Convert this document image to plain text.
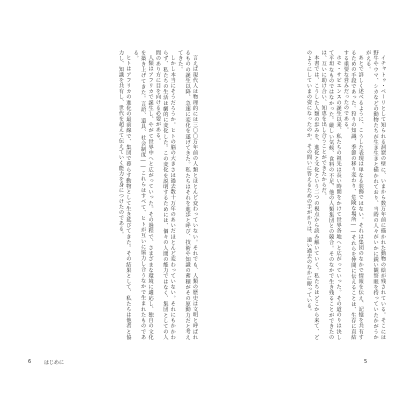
言えば現代人は物理的には三〇〇万年前の人類とほとんど変わっていない。それでも、人類の歴史は文明と呼ばれるものの誕生以降、急速に変化を遂げてきた。私たちはそれを進歩と呼び、技術や知識の蓄積がその原動力だと考えてきた。

しかし本当にそうだろうか。ヒトの脳の大きさは過去数十万年のあいだほとんど変わっていない。それにもかかわらず、私たちの生活は劇的に変化した。この変化を説明するためには、個々の人間の能力ではなく、集団としての人間のあり方に目を向ける必要がある。

人類はアフリカで誕生し、やがて世界中へと広がっていった。その過程で、さまざまな環境に適応し、独自の文化を築き上げてきた。言語、道具、社会制度――これらはすべて、ヒトが互いに協力し合うなかで生まれたものである。

ヒトはアフリカの進化の最前線で、集団で暮らす動物として生き延びてきた。その結果として、私たちは他者と協力し、知識を共有し、世代を超えて伝えていく能力を身につけたのである。	イチャトゥ・ペーリとして知られる洞窟の壁に、いまから数万年前に描かれた動物の絵が残されている。そこには野牛やウマ、シカなどの動物たちが生き生きと描かれており、当時の人々がいかに鋭い観察眼を持っていたかがうかがえる。

あとで詳しく述べるように、こうした表現は単なる装飾ではない。それは集団のなかで情報を伝え、記憶を共有するための手段であった。狩りの知識、季節の移り変わり、危険な場所――それらを仲間に伝えることは、生存に直結する重要な営みだったのである。

ホモ・サピエンスの誕生以来、私たちの祖先は長い時間をかけて世界各地へと広がっていった。その道のりは決して平坦なものではなかった。厳しい気候、食料の不足、他の人類集団との競合。そのなかで生き残ることができたのは、互いに助け合い、知恵を出し合うことができたからだ。

本書では、こうした人類の歩みを、進化と文化という二つの視点から読み解いていく。私たちはどこから来て、どのようにしていまの姿になったのか。その問いに答えるための手がかりは、遠い過去のなかに眠っている。

6	はじめに	5
